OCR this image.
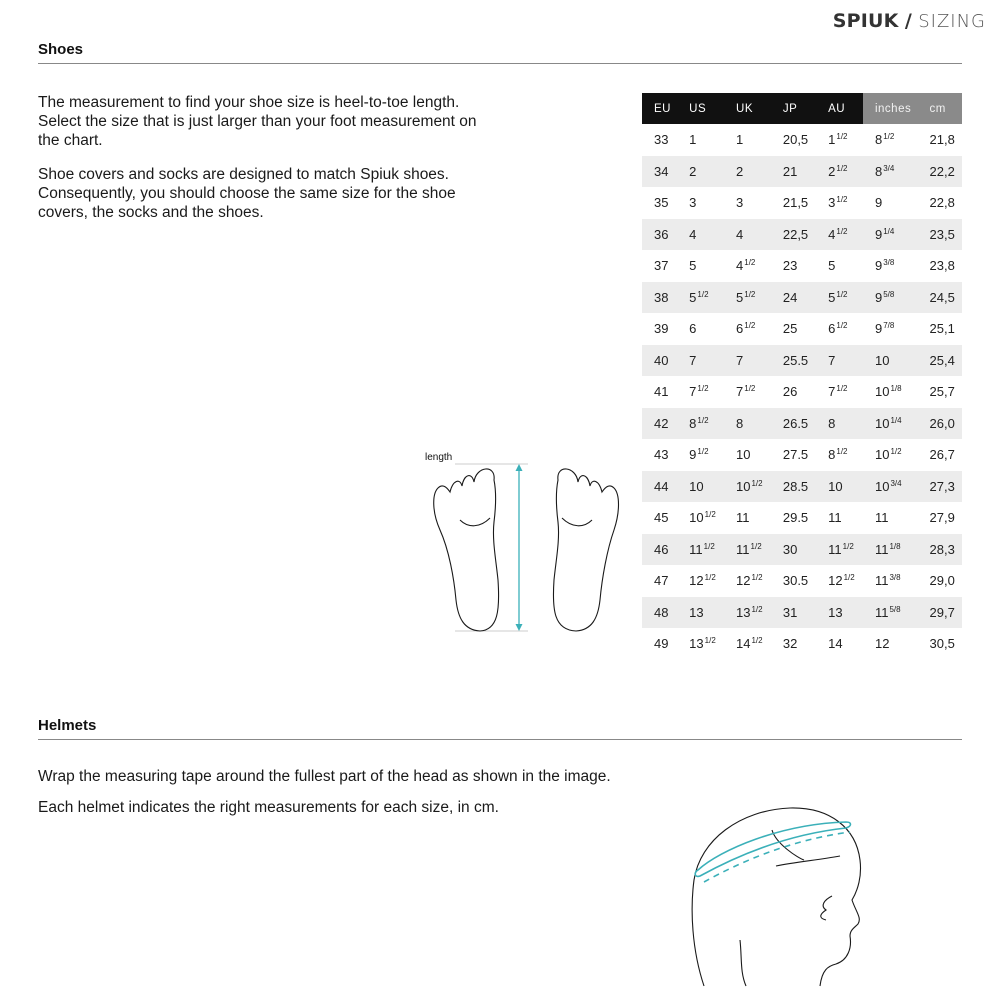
SPIUK / SIZING
Shoes

The measurement to find your shoe size is heel-to-toe length. Select the size that is just larger than your foot measurement on the chart.

Shoe covers and socks are designed to match Spiuk shoes. Consequently, you should choose the same size for the shoe covers, the socks and the shoes.

EU	US	UK	JP	AU	inches	cm
33	1	1	20,5	$1^{1/2}$	$8^{1/2}$	21,8
34	2	2	21	$2^{1/2}$	$8^{3/4}$	22,2
35	3	3	21,5	$3^{1/2}$	9	22,8
36	4	4	22,5	$4^{1/2}$	$9^{1/4}$	23,5
37	5	$4^{1/2}$	23	5	$9^{3/8}$	23,8
38	$5^{1/2}$	$5^{1/2}$	24	$5^{1/2}$	$9^{5/8}$	24,5
39	6	$6^{1/2}$	25	$6^{1/2}$	$9^{7/8}$	25,1
40	7	7	25.5	7	10	25,4
41	$7^{1/2}$	$7^{1/2}$	26	$7^{1/2}$	$10^{1/8}$	25,7
42	$8^{1/2}$	8	26.5	8	$10^{1/4}$	26,0
43	$9^{1/2}$	10	27.5	$8^{1/2}$	$10^{1/2}$	26,7
44	10	$10^{1/2}$	28.5	10	$10^{3/4}$	27,3
45	$10^{1/2}$	11	29.5	11	11	27,9
46	$11^{1/2}$	$11^{1/2}$	30	$11^{1/2}$	$11^{1/8}$	28,3
47	$12^{1/2}$	$12^{1/2}$	30.5	$12^{1/2}$	$11^{3/8}$	29,0
48	13	$13^{1/2}$	31	13	$11^{5/8}$	29,7
49	$13^{1/2}$	$14^{1/2}$	32	14	12	30,5
length
Helmets

Wrap the measuring tape around the fullest part of the head as shown in the image.

Each helmet indicates the right measurements for each size, in cm.
